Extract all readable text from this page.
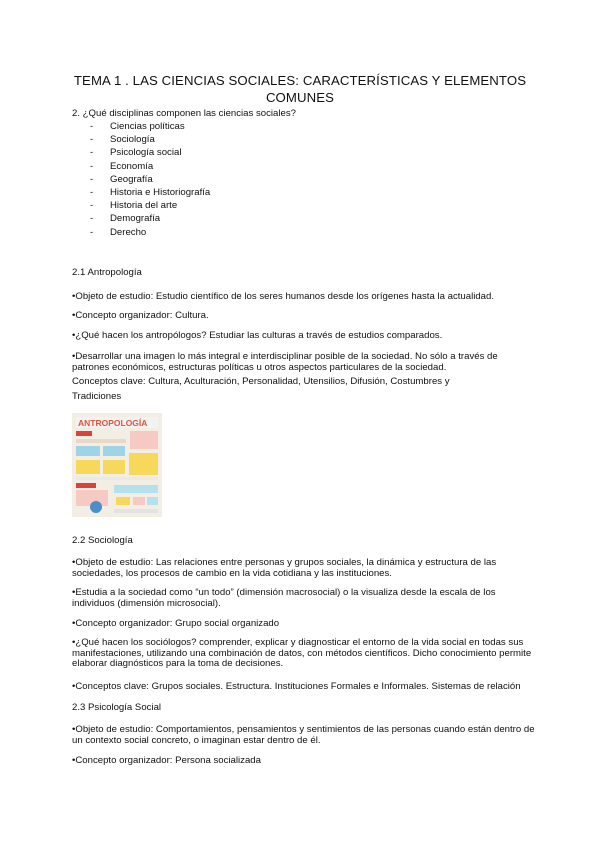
TEMA 1 . LAS CIENCIAS SOCIALES: CARACTERÍSTICAS Y ELEMENTOS COMUNES
2. ¿Qué disciplinas componen las ciencias sociales?
- Ciencias políticas
- Sociología
- Psicología social
- Economía
- Geografía
- Historia e Historiografía
- Historia del arte
- Demografía
- Derecho
2.1 Antropología
•Objeto de estudio: Estudio científico de los seres humanos desde los orígenes hasta la actualidad.
•Concepto organizador: Cultura.
•¿Qué hacen los antropólogos? Estudiar las culturas a través de estudios comparados.
•Desarrollar una imagen lo más integral e interdisciplinar posible de la sociedad. No sólo a través de patrones económicos, estructuras políticas u otros aspectos particulares de la sociedad.
Conceptos clave: Cultura, Aculturación, Personalidad, Utensilios, Difusión, Costumbres y Tradiciones
ANTROPOLOGÍA
2.2 Sociología
•Objeto de estudio: Las relaciones entre personas y grupos sociales, la dinámica y estructura de las sociedades, los procesos de cambio en la vida cotidiana y las instituciones.
•Estudia a la sociedad como “un todo” (dimensión macrosocial) o la visualiza desde la escala de los individuos (dimensión microsocial).
•Concepto organizador: Grupo social organizado
•¿Qué hacen los sociólogos? comprender, explicar y diagnosticar el entorno de la vida social en todas sus manifestaciones, utilizando una combinación de datos, con métodos científicos. Dicho conocimiento permite elaborar diagnósticos para la toma de decisiones.
•Conceptos clave: Grupos sociales. Estructura. Instituciones Formales e Informales. Sistemas de relación
2.3 Psicología Social
•Objeto de estudio: Comportamientos, pensamientos y sentimientos de las personas cuando están dentro de un contexto social concreto, o imaginan estar dentro de él.
•Concepto organizador: Persona socializada
